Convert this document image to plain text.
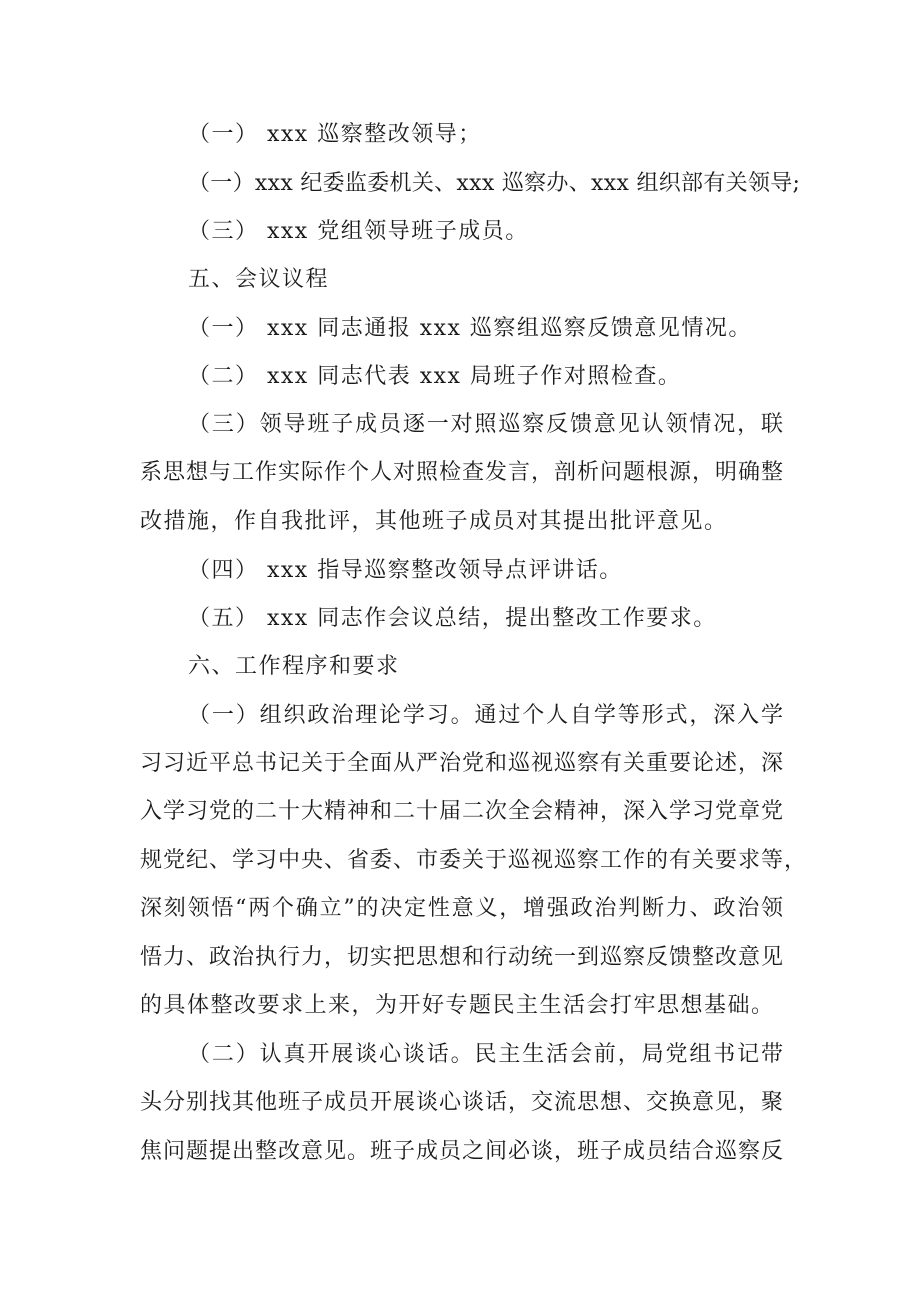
（一） xxx 巡察整改领导；
（一）xxx 纪委监委机关、xxx 巡察办、xxx 组织部有关领导;
（三） xxx 党组领导班子成员。
五、会议议程
（一） xxx 同志通报 xxx 巡察组巡察反馈意见情况。
（二） xxx 同志代表 xxx 局班子作对照检查。
（三）领导班子成员逐一对照巡察反馈意见认领情况，联
系思想与工作实际作个人对照检查发言，剖析问题根源，明确整
改措施，作自我批评，其他班子成员对其提出批评意见。
（四） xxx 指导巡察整改领导点评讲话。
（五） xxx 同志作会议总结，提出整改工作要求。
六、工作程序和要求
（一）组织政治理论学习。通过个人自学等形式，深入学
习习近平总书记关于全面从严治党和巡视巡察有关重要论述，深
入学习党的二十大精神和二十届二次全会精神，深入学习党章党
规党纪、学习中央、省委、市委关于巡视巡察工作的有关要求等，
深刻领悟“两个确立”的决定性意义，增强政治判断力、政治领
悟力、政治执行力，切实把思想和行动统一到巡察反馈整改意见
的具体整改要求上来，为开好专题民主生活会打牢思想基础。
（二）认真开展谈心谈话。民主生活会前，局党组书记带
头分别找其他班子成员开展谈心谈话，交流思想、交换意见，聚
焦问题提出整改意见。班子成员之间必谈，班子成员结合巡察反
